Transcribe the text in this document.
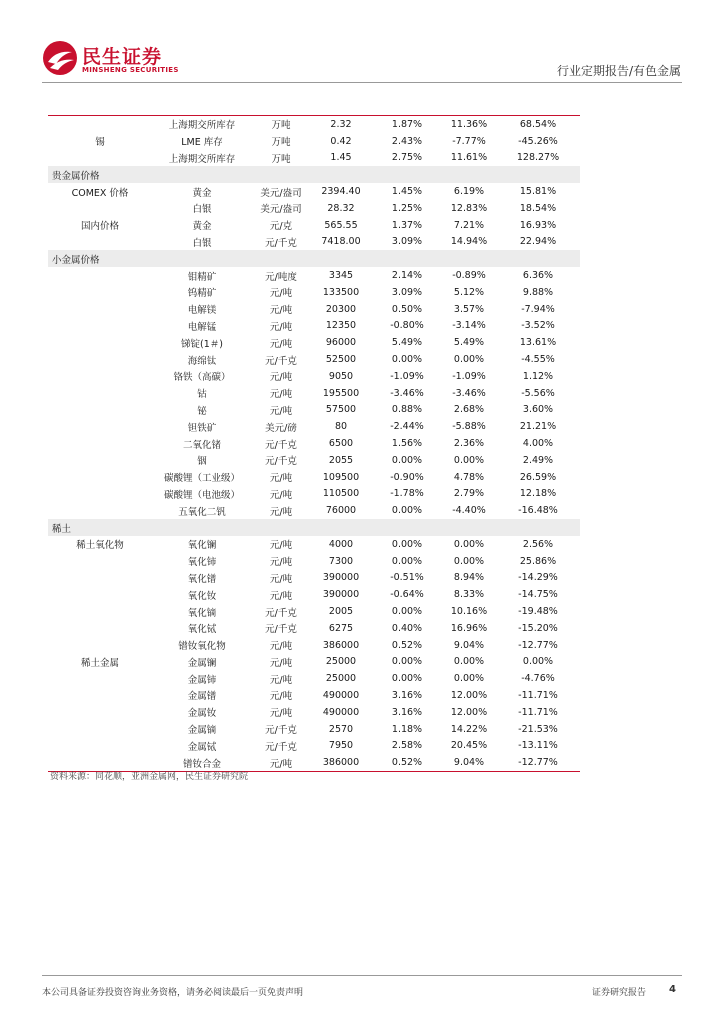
民生证券
MINSHENG SECURITIES	行业定期报告/有色金属
	上海期交所库存	万吨	2.32	1.87%	11.36%	68.54%
锡	LME 库存	万吨	0.42	2.43%	-7.77%	-45.26%
	上海期交所库存	万吨	1.45	2.75%	11.61%	128.27%
贵金属价格						
COMEX 价格	黄金	美元/盎司	2394.40	1.45%	6.19%	15.81%
	白银	美元/盎司	28.32	1.25%	12.83%	18.54%
国内价格	黄金	元/克	565.55	1.37%	7.21%	16.93%
	白银	元/千克	7418.00	3.09%	14.94%	22.94%
小金属价格						
	钼精矿	元/吨度	3345	2.14%	-0.89%	6.36%
	钨精矿	元/吨	133500	3.09%	5.12%	9.88%
	电解镁	元/吨	20300	0.50%	3.57%	-7.94%
	电解锰	元/吨	12350	-0.80%	-3.14%	-3.52%
	锑锭(1＃)	元/吨	96000	5.49%	5.49%	13.61%
	海绵钛	元/千克	52500	0.00%	0.00%	-4.55%
	铬铁（高碳）	元/吨	9050	-1.09%	-1.09%	1.12%
	钴	元/吨	195500	-3.46%	-3.46%	-5.56%
	铋	元/吨	57500	0.88%	2.68%	3.60%
	钽铁矿	美元/磅	80	-2.44%	-5.88%	21.21%
	二氧化锗	元/千克	6500	1.56%	2.36%	4.00%
	铟	元/千克	2055	0.00%	0.00%	2.49%
	碳酸锂（工业级）	元/吨	109500	-0.90%	4.78%	26.59%
	碳酸锂（电池级）	元/吨	110500	-1.78%	2.79%	12.18%
	五氧化二钒	元/吨	76000	0.00%	-4.40%	-16.48%
稀土						
稀土氧化物	氧化镧	元/吨	4000	0.00%	0.00%	2.56%
	氧化铈	元/吨	7300	0.00%	0.00%	25.86%
	氧化镨	元/吨	390000	-0.51%	8.94%	-14.29%
	氧化钕	元/吨	390000	-0.64%	8.33%	-14.75%
	氧化镝	元/千克	2005	0.00%	10.16%	-19.48%
	氧化铽	元/千克	6275	0.40%	16.96%	-15.20%
	镨钕氧化物	元/吨	386000	0.52%	9.04%	-12.77%
稀土金属	金属镧	元/吨	25000	0.00%	0.00%	0.00%
	金属铈	元/吨	25000	0.00%	0.00%	-4.76%
	金属镨	元/吨	490000	3.16%	12.00%	-11.71%
	金属钕	元/吨	490000	3.16%	12.00%	-11.71%
	金属镝	元/千克	2570	1.18%	14.22%	-21.53%
	金属铽	元/千克	7950	2.58%	20.45%	-13.11%
	镨钕合金	元/吨	386000	0.52%	9.04%	-12.77%
资料来源：同花顺，亚洲金属网，民生证券研究院
本公司具备证券投资咨询业务资格，请务必阅读最后一页免责声明	证券研究报告 4
